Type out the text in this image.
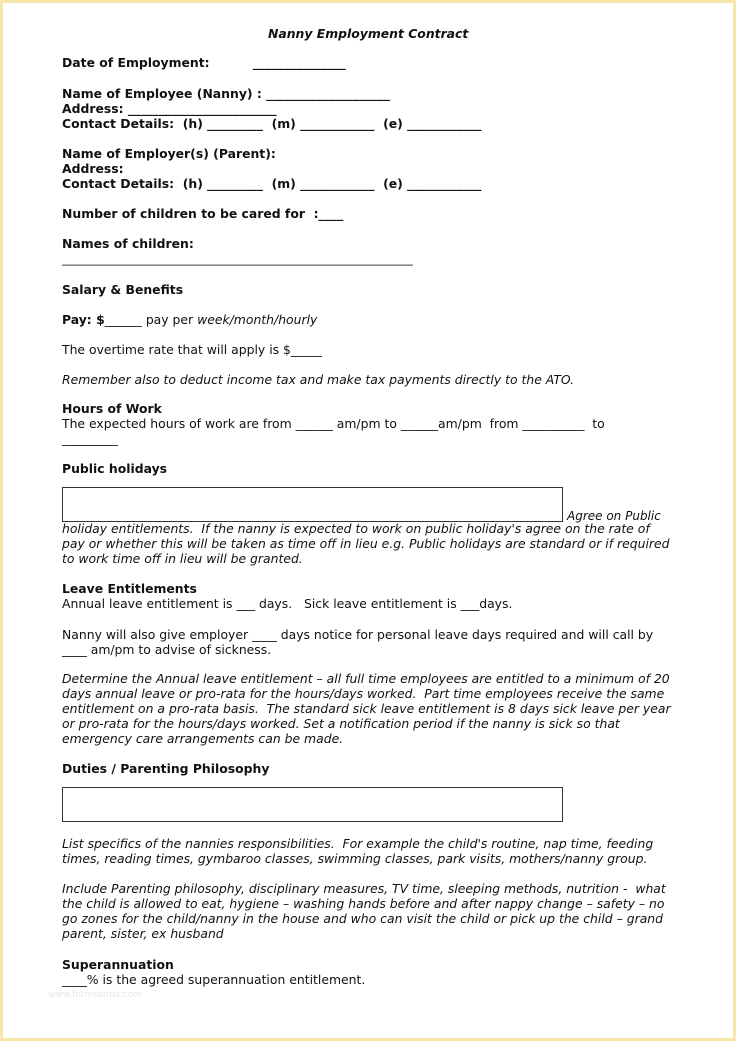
Nanny Employment Contract
Date of Employment:          _______________
Name of Employee (Nanny) : ____________________
Address: ________________________
Contact Details:  (h) _________  (m) ____________  (e) ____________
Name of Employer(s) (Parent):
Address:
Contact Details:  (h) _________  (m) ____________  (e) ____________
Number of children to be cared for  :____
Names of children:
_____________________________________________________________
Salary & Benefits
Pay: $______ pay per week/month/hourly
The overtime rate that will apply is $_____
Remember also to deduct income tax and make tax payments directly to the ATO.
Hours of Work
The expected hours of work are from ______ am/pm to ______am/pm  from __________  to
_________
Public holidays
Agree on Public
holiday entitlements.  If the nanny is expected to work on public holiday's agree on the rate of
pay or whether this will be taken as time off in lieu e.g. Public holidays are standard or if required
to work time off in lieu will be granted.
Leave Entitlements
Annual leave entitlement is ___ days.   Sick leave entitlement is ___days.
Nanny will also give employer ____ days notice for personal leave days required and will call by
____ am/pm to advise of sickness.
Determine the Annual leave entitlement – all full time employees are entitled to a minimum of 20
days annual leave or pro-rata for the hours/days worked.  Part time employees receive the same
entitlement on a pro-rata basis.  The standard sick leave entitlement is 8 days sick leave per year
or pro-rata for the hours/days worked. Set a notification period if the nanny is sick so that
emergency care arrangements can be made.
Duties / Parenting Philosophy
List specifics of the nannies responsibilities.  For example the child's routine, nap time, feeding
times, reading times, gymbaroo classes, swimming classes, park visits, mothers/nanny group.
Include Parenting philosophy, disciplinary measures, TV time, sleeping methods, nutrition -  what
the child is allowed to eat, hygiene – washing hands before and after nappy change – safety – no
go zones for the child/nanny in the house and who can visit the child or pick up the child – grand
parent, sister, ex husband
Superannuation
____% is the agreed superannuation entitlement.
www.formsbirds.com
